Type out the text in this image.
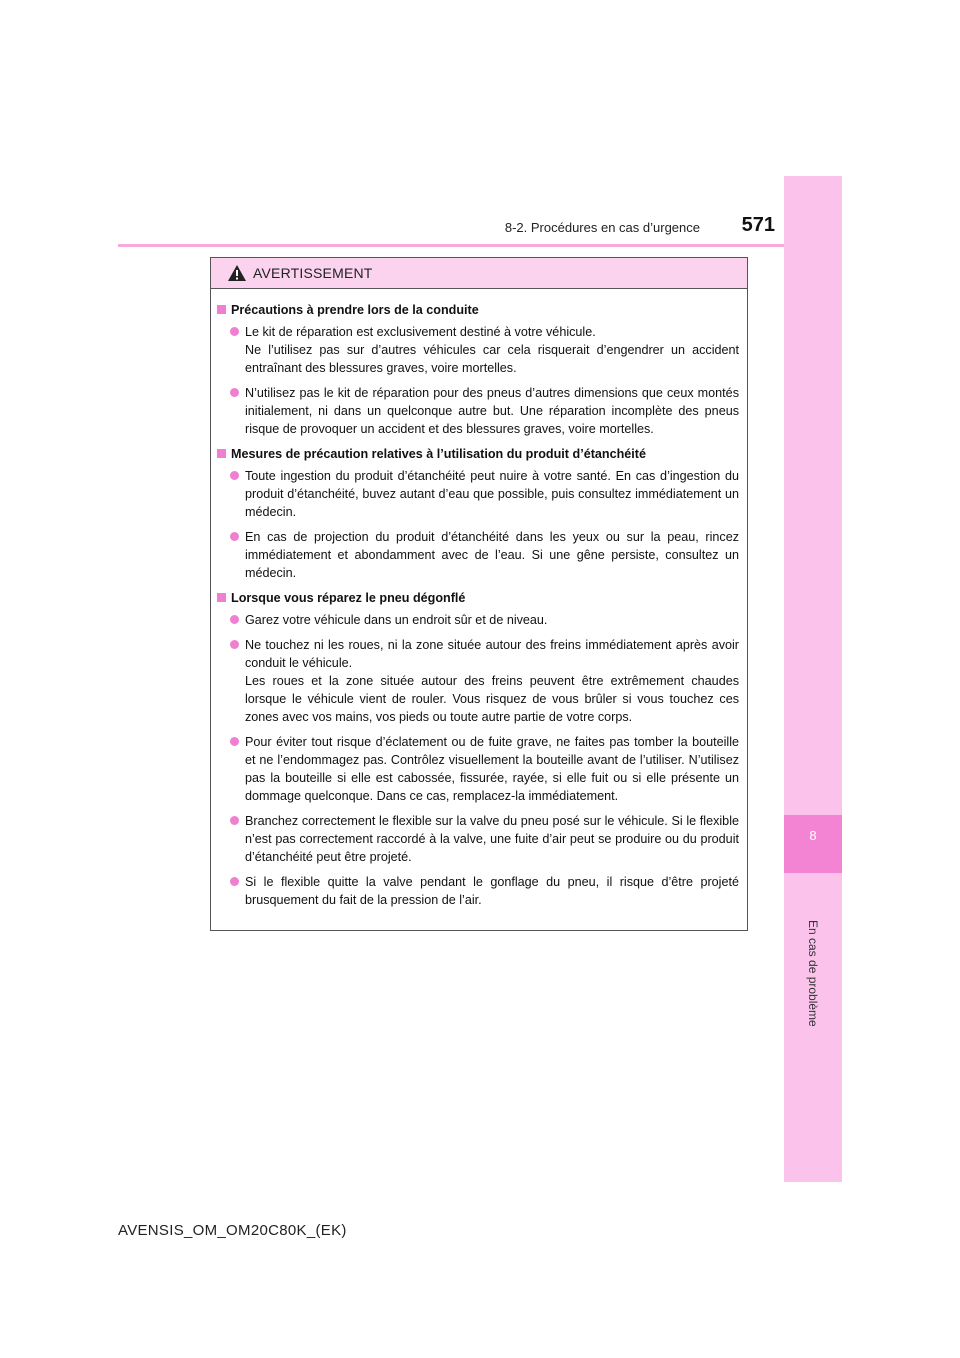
8-2. Procédures en cas d’urgence	571
8
En cas de problème
AVERTISSEMENT
Précautions à prendre lors de la conduite
Le kit de réparation est exclusivement destiné à votre véhicule.
Ne l’utilisez pas sur d’autres véhicules car cela risquerait d’engendrer un accident entraînant des blessures graves, voire mortelles.
N’utilisez pas le kit de réparation pour des pneus d’autres dimensions que ceux montés initialement, ni dans un quelconque autre but. Une réparation incomplète des pneus risque de provoquer un accident et des blessures graves, voire mortelles.
Mesures de précaution relatives à l’utilisation du produit d’étanchéité
Toute ingestion du produit d’étanchéité peut nuire à votre santé. En cas d’ingestion du produit d’étanchéité, buvez autant d’eau que possible, puis consultez immédiatement un médecin.
En cas de projection du produit d’étanchéité dans les yeux ou sur la peau, rincez immédiatement et abondamment avec de l’eau. Si une gêne persiste, consultez un médecin.
Lorsque vous réparez le pneu dégonflé
Garez votre véhicule dans un endroit sûr et de niveau.
Ne touchez ni les roues, ni la zone située autour des freins immédiatement après avoir conduit le véhicule.
Les roues et la zone située autour des freins peuvent être extrêmement chaudes lorsque le véhicule vient de rouler. Vous risquez de vous brûler si vous touchez ces zones avec vos mains, vos pieds ou toute autre partie de votre corps.
Pour éviter tout risque d’éclatement ou de fuite grave, ne faites pas tomber la bouteille et ne l’endommagez pas. Contrôlez visuellement la bouteille avant de l’utiliser. N’utilisez pas la bouteille si elle est cabossée, fissurée, rayée, si elle fuit ou si elle présente un dommage quelconque. Dans ce cas, remplacez-la immédiatement.
Branchez correctement le flexible sur la valve du pneu posé sur le véhicule. Si le flexible n’est pas correctement raccordé à la valve, une fuite d’air peut se produire ou du produit d’étanchéité peut être projeté.
Si le flexible quitte la valve pendant le gonflage du pneu, il risque d’être projeté brusquement du fait de la pression de l’air.
AVENSIS_OM_OM20C80K_(EK)
